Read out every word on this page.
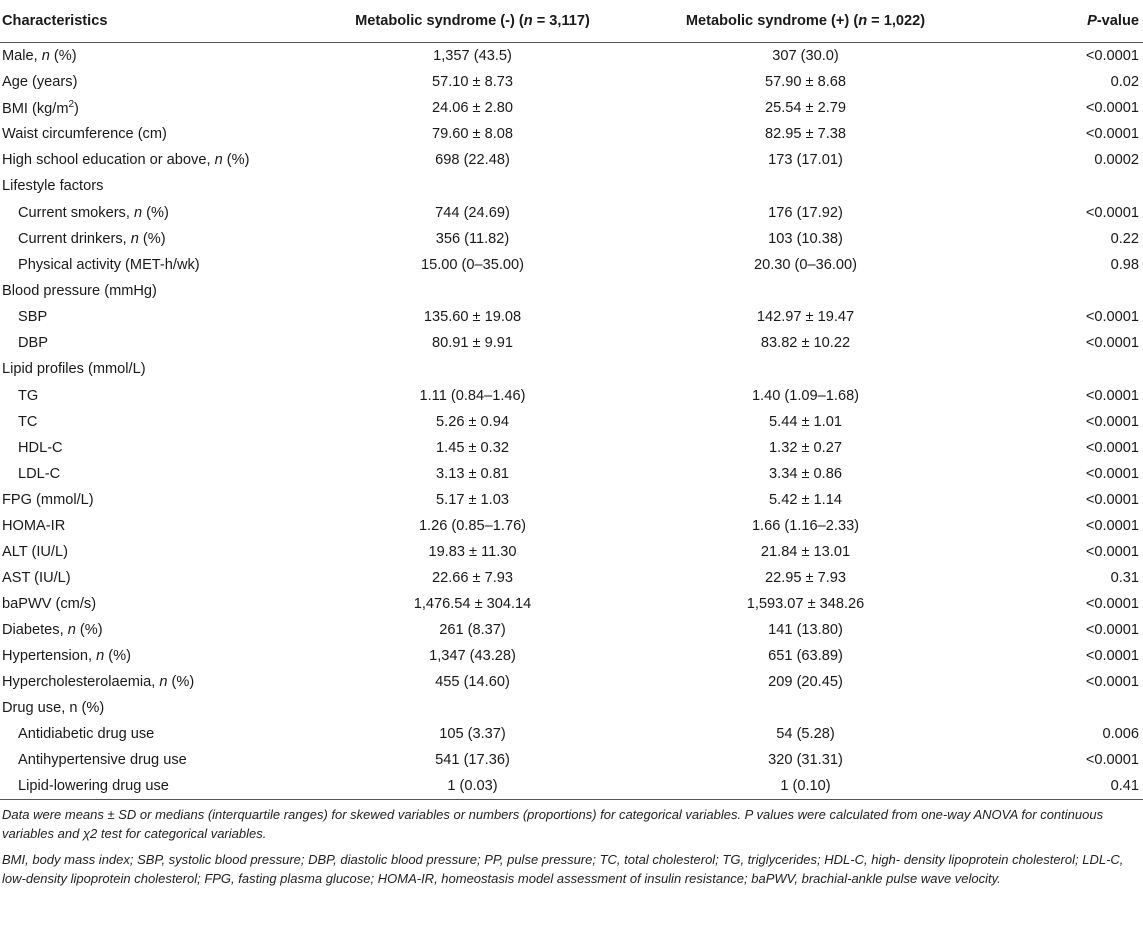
Characteristics	Metabolic syndrome (-) (n = 3,117)	Metabolic syndrome (+) (n = 1,022)	P-value
Male, n (%)	1,357 (43.5)	307 (30.0)	<0.0001
Age (years)	57.10 ± 8.73	57.90 ± 8.68	0.02
BMI $(kg/m^2)$	24.06 ± 2.80	25.54 ± 2.79	<0.0001
Waist circumference (cm)	79.60 ± 8.08	82.95 ± 7.38	<0.0001
High school education or above, n (%)	698 (22.48)	173 (17.01)	0.0002
Lifestyle factors			
Current smokers, n (%)	744 (24.69)	176 (17.92)	<0.0001
Current drinkers, n (%)	356 (11.82)	103 (10.38)	0.22
Physical activity (MET-h/wk)	15.00 (0–35.00)	20.30 (0–36.00)	0.98
Blood pressure (mmHg)			
SBP	135.60 ± 19.08	142.97 ± 19.47	<0.0001
DBP	80.91 ± 9.91	83.82 ± 10.22	<0.0001
Lipid profiles (mmol/L)			
TG	1.11 (0.84–1.46)	1.40 (1.09–1.68)	<0.0001
TC	5.26 ± 0.94	5.44 ± 1.01	<0.0001
HDL-C	1.45 ± 0.32	1.32 ± 0.27	<0.0001
LDL-C	3.13 ± 0.81	3.34 ± 0.86	<0.0001
FPG (mmol/L)	5.17 ± 1.03	5.42 ± 1.14	<0.0001
HOMA-IR	1.26 (0.85–1.76)	1.66 (1.16–2.33)	<0.0001
ALT (IU/L)	19.83 ± 11.30	21.84 ± 13.01	<0.0001
AST (IU/L)	22.66 ± 7.93	22.95 ± 7.93	0.31
baPWV (cm/s)	1,476.54 ± 304.14	1,593.07 ± 348.26	<0.0001
Diabetes, n (%)	261 (8.37)	141 (13.80)	<0.0001
Hypertension, n (%)	1,347 (43.28)	651 (63.89)	<0.0001
Hypercholesterolaemia, n (%)	455 (14.60)	209 (20.45)	<0.0001
Drug use, n (%)			
Antidiabetic drug use	105 (3.37)	54 (5.28)	0.006
Antihypertensive drug use	541 (17.36)	320 (31.31)	<0.0001
Lipid-lowering drug use	1 (0.03)	1 (0.10)	0.41

Data were means ± SD or medians (interquartile ranges) for skewed variables or numbers (proportions) for categorical variables. P values were calculated from one-way ANOVA for continuous variables and χ2 test for categorical variables.

BMI, body mass index; SBP, systolic blood pressure; DBP, diastolic blood pressure; PP, pulse pressure; TC, total cholesterol; TG, triglycerides; HDL-C, high- density lipoprotein cholesterol; LDL-C, low-density lipoprotein cholesterol; FPG, fasting plasma glucose; HOMA-IR, homeostasis model assessment of insulin resistance; baPWV, brachial-ankle pulse wave velocity.
